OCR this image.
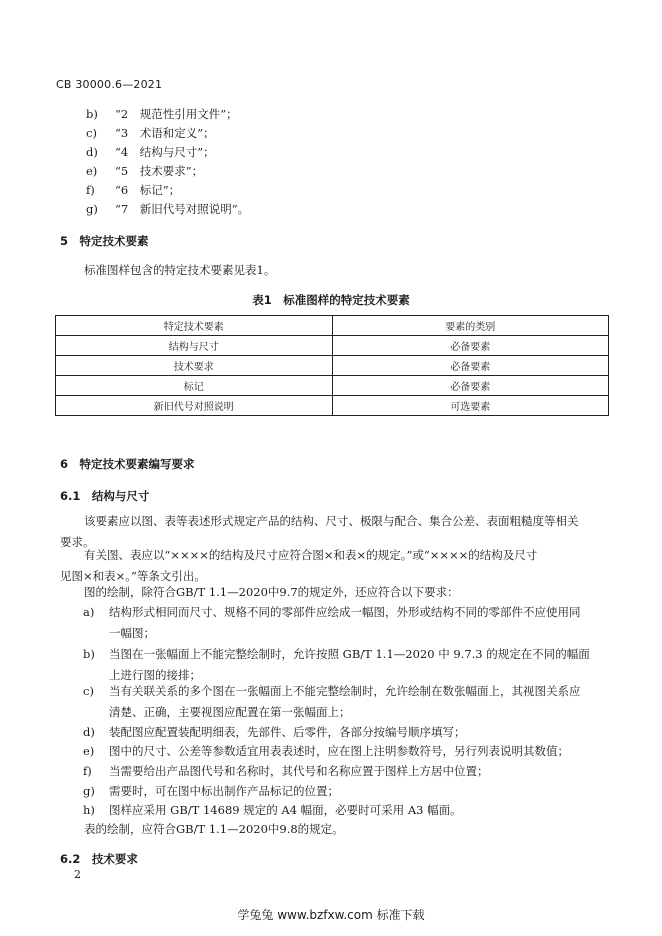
CB 30000.6—2021
b) “2　规范性引用文件”；
c) “3　术语和定义”；
d) “4　结构与尺寸”；
e) “5　技术要求”；
f) “6　标记”；
g) “7　新旧代号对照说明”。
5　特定技术要素
标准图样包含的特定技术要素见表1。
表1　标准图样的特定技术要素
特定技术要素	要素的类别
结构与尺寸	必备要素
技术要求	必备要素
标记	必备要素
新旧代号对照说明	可选要素
6　特定技术要素编写要求
6.1　结构与尺寸
该要素应以图、表等表述形式规定产品的结构、尺寸、极限与配合、集合公差、表面粗糙度等相关
要求。
有关图、表应以“××××的结构及尺寸应符合图×和表×的规定。”或“××××的结构及尺寸
见图×和表×。”等条文引出。
图的绘制，除符合GB/T 1.1—2020中9.7的规定外，还应符合以下要求：
a)	结构形式相同而尺寸、规格不同的零部件应绘成一幅图，外形或结构不同的零部件不应使用同
一幅图；
b)	当图在一张幅面上不能完整绘制时，允许按照 GB/T 1.1—2020 中 9.7.3 的规定在不同的幅面
上进行图的接排；
c)	当有关联关系的多个图在一张幅面上不能完整绘制时，允许绘制在数张幅面上，其视图关系应
清楚、正确，主要视图应配置在第一张幅面上；
d)	装配图应配置装配明细表，先部件、后零件，各部分按编号顺序填写；
e)	图中的尺寸、公差等参数适宜用表表述时，应在图上注明参数符号，另行列表说明其数值；
f)	当需要给出产品图代号和名称时，其代号和名称应置于图样上方居中位置；
g)	需要时，可在图中标出制作产品标记的位置；
h)	图样应采用 GB/T 14689 规定的 A4 幅面，必要时可采用 A3 幅面。
表的绘制，应符合GB/T 1.1—2020中9.8的规定。
6.2　技术要求
2
学兔兔 www.bzfxw.com 标准下载
